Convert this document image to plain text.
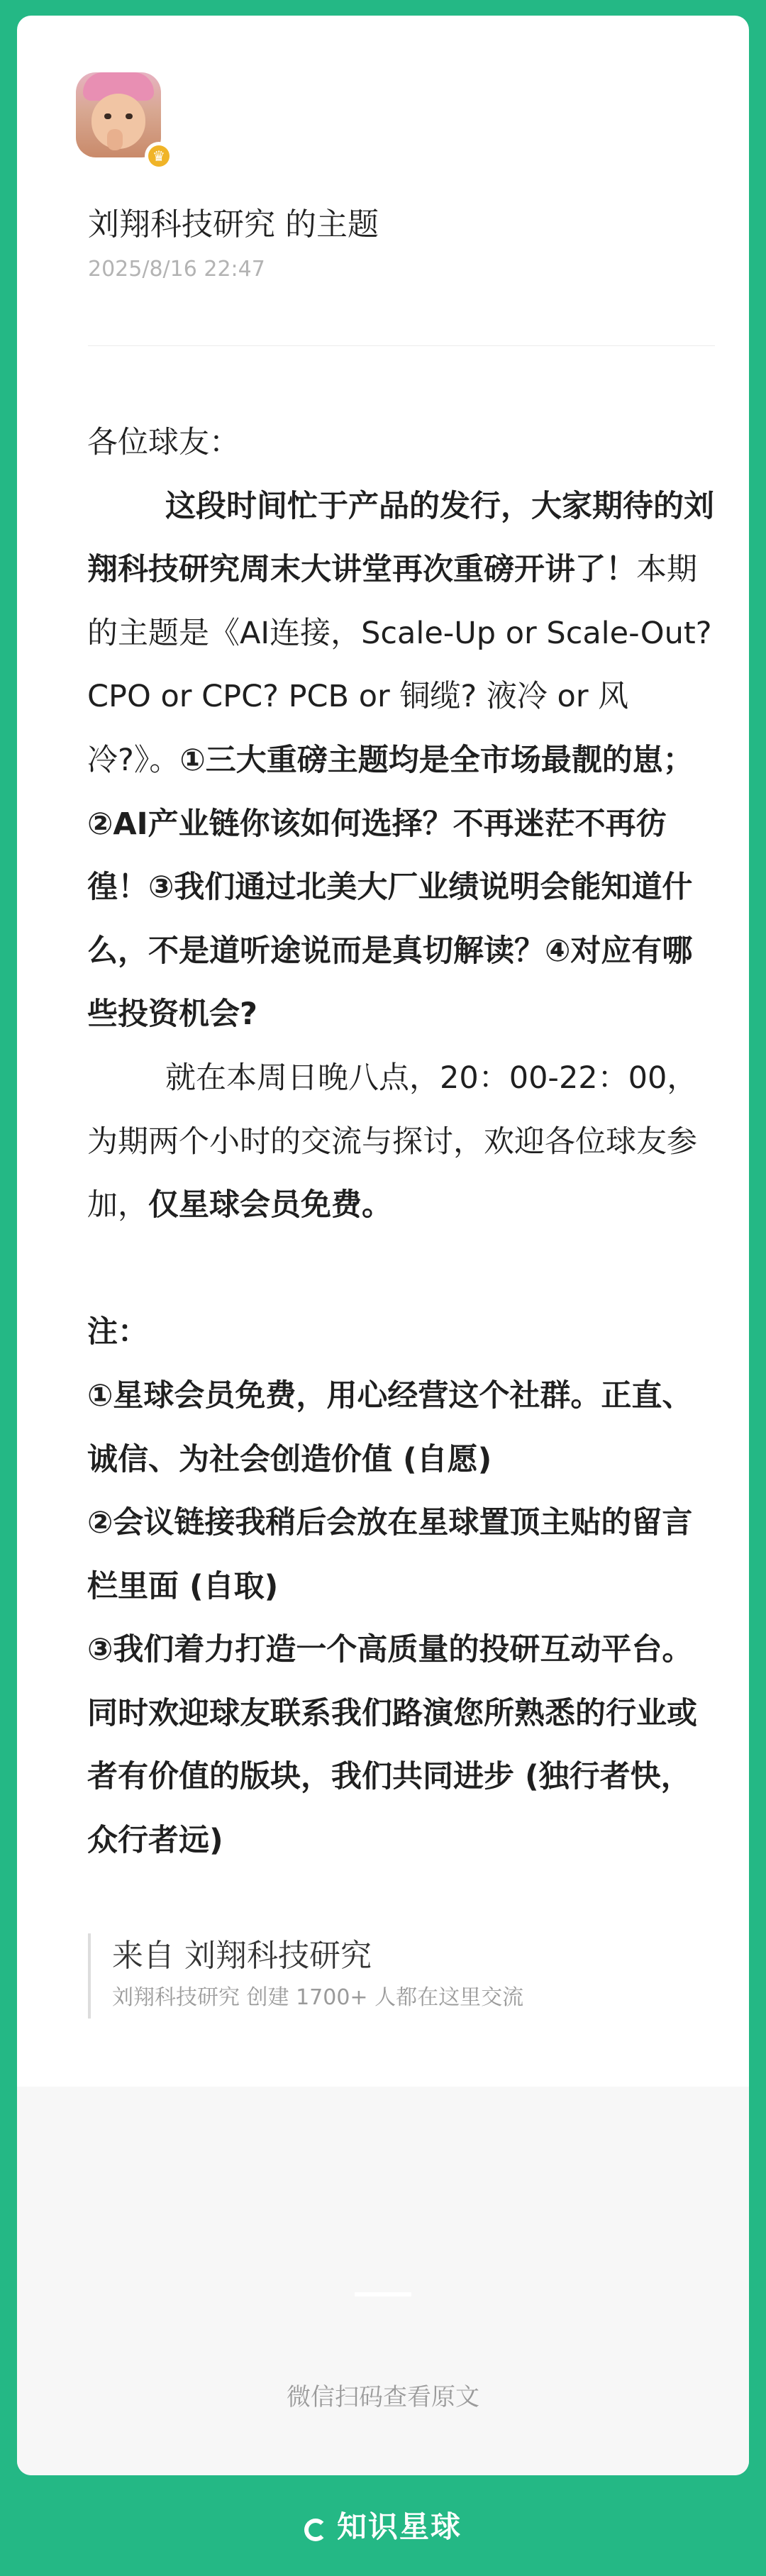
♛
刘翔科技研究 的主题
2025/8/16 22:47

各位球友：

这段时间忙于产品的发行，大家期待的刘翔科技研究周末大讲堂再次重磅开讲了！本期的主题是《AI连接，Scale-Up or Scale-Out? CPO or CPC? PCB or 铜缆? 液冷 or 风冷?》。①三大重磅主题均是全市场最靓的崽；②AI产业链你该如何选择？不再迷茫不再彷徨！③我们通过北美大厂业绩说明会能知道什么，不是道听途说而是真切解读？④对应有哪些投资机会?

就在本周日晚八点，20：00-22：00，为期两个小时的交流与探讨，欢迎各位球友参加，仅星球会员免费。

注：

①星球会员免费，用心经营这个社群。正直、诚信、为社会创造价值 (自愿)

②会议链接我稍后会放在星球置顶主贴的留言栏里面 (自取)

③我们着力打造一个高质量的投研互动平台。同时欢迎球友联系我们路演您所熟悉的行业或者有价值的版块，我们共同进步 (独行者快，众行者远)

来自 刘翔科技研究
刘翔科技研究 创建 1700+ 人都在这里交流
微信扫码查看原文
知识星球
